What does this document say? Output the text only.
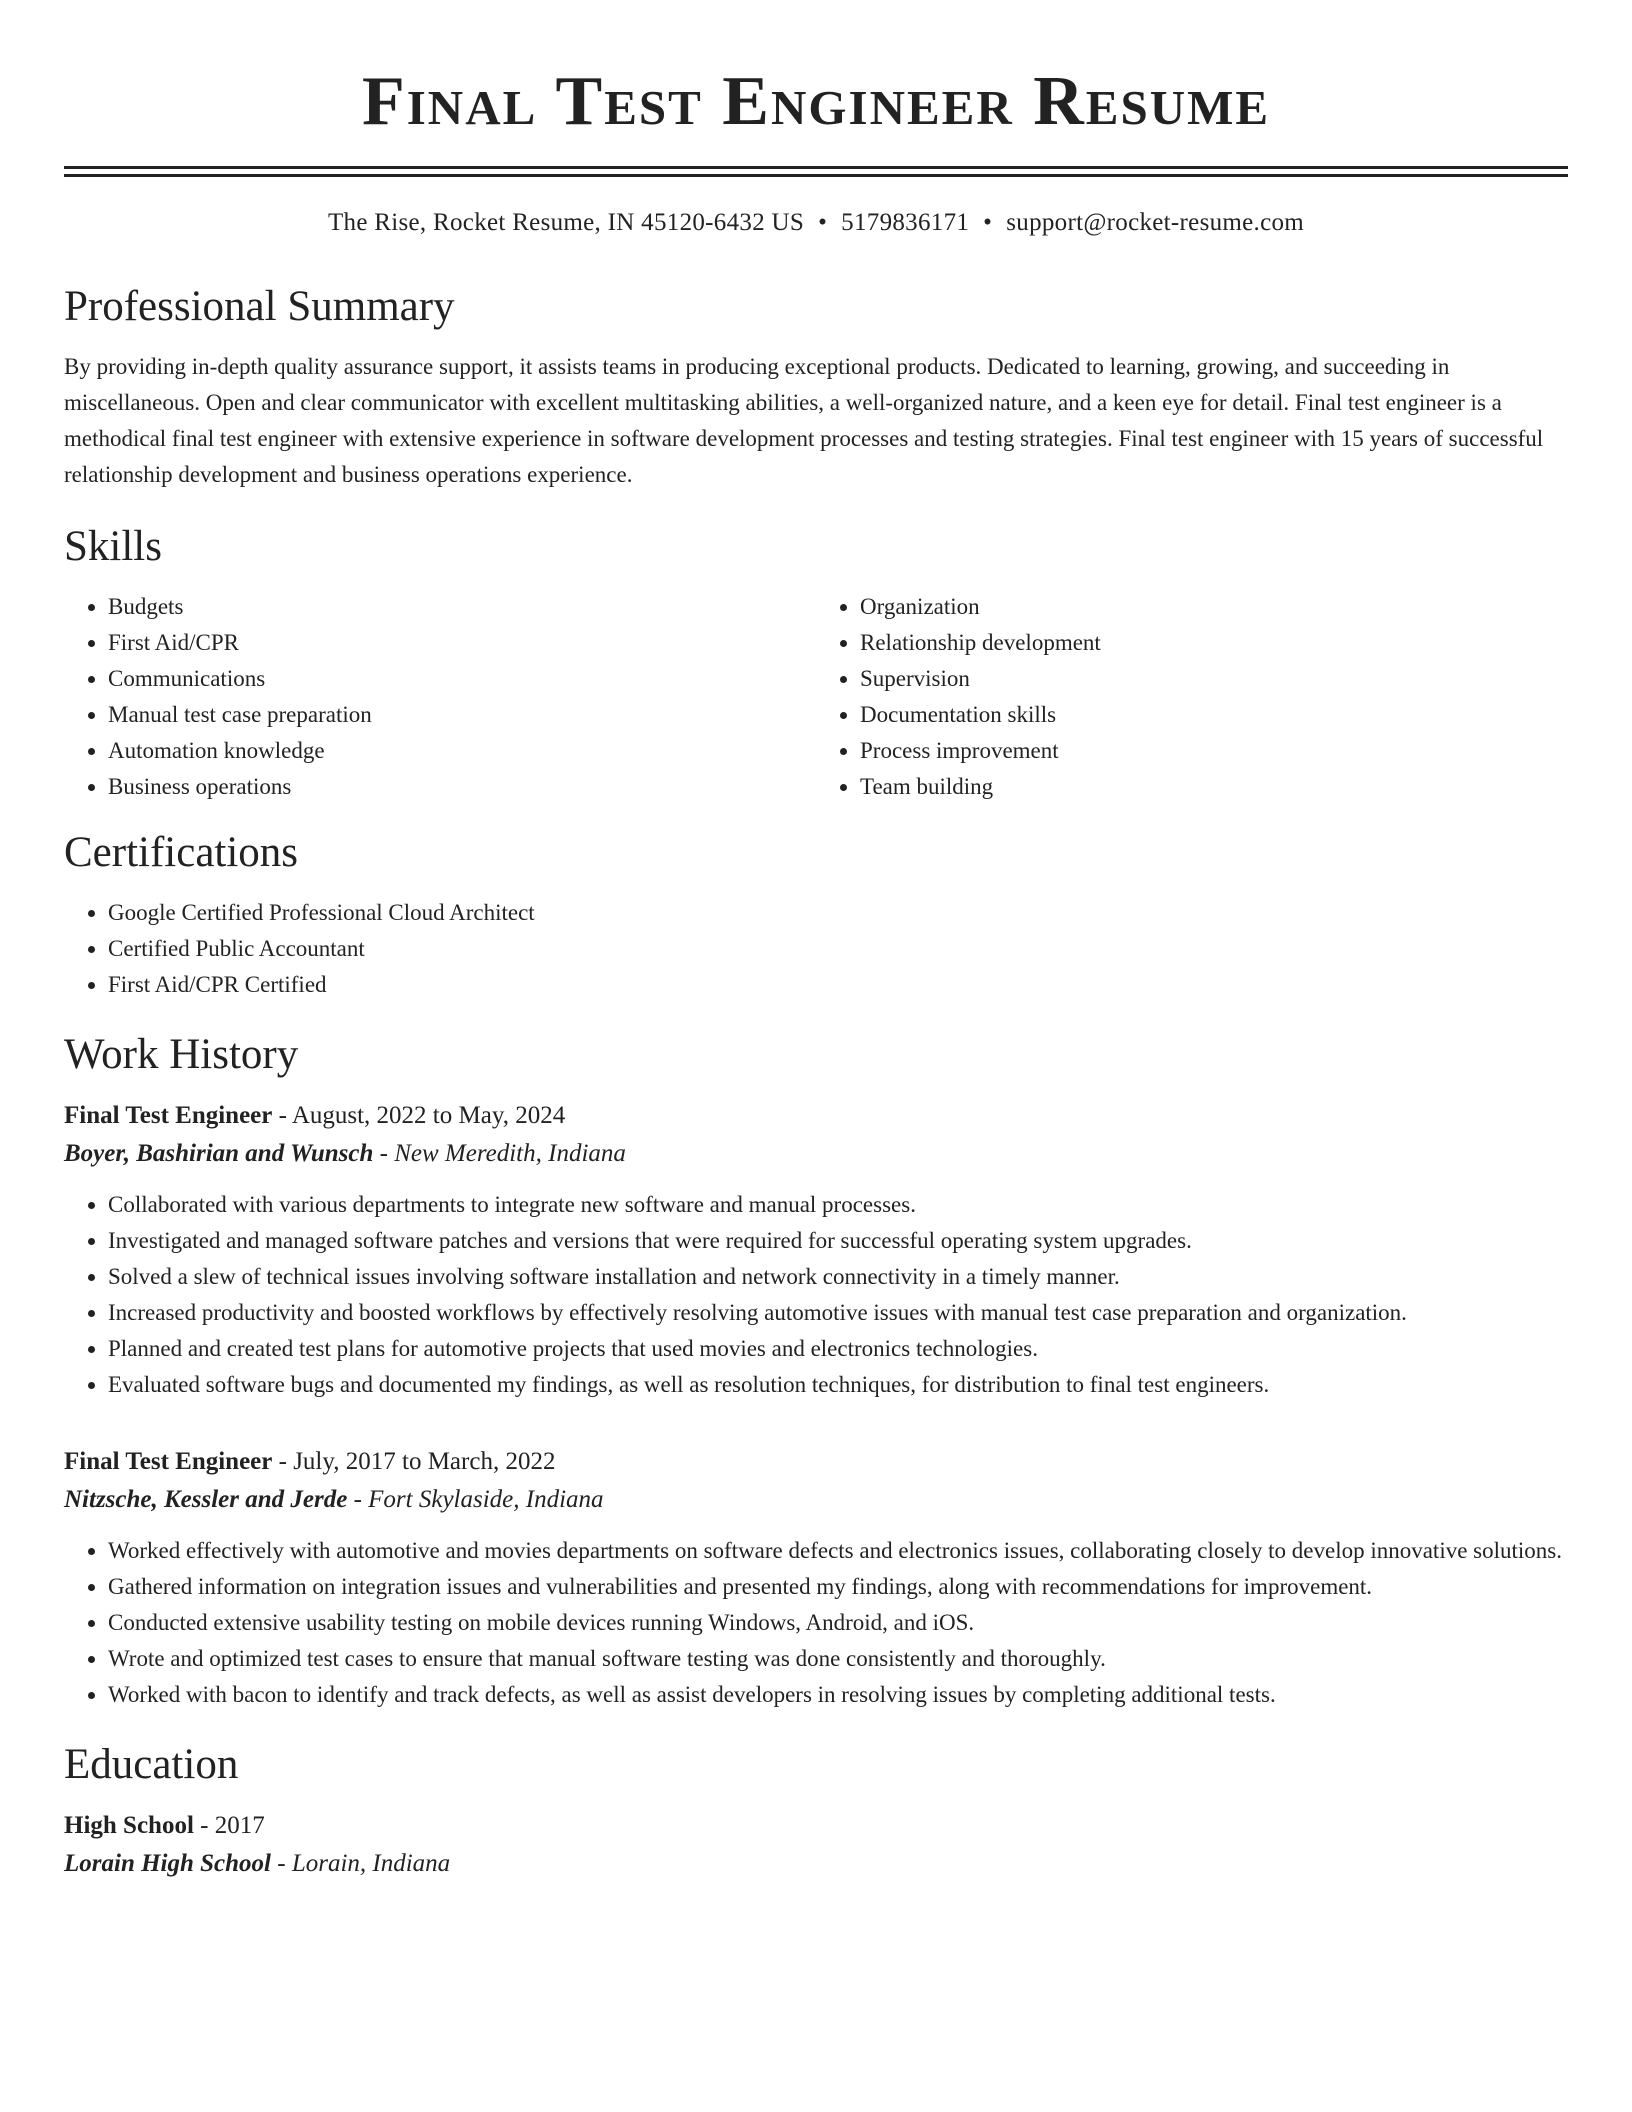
Final Test Engineer Resume
The Rise, Rocket Resume, IN 45120-6432 US • 5179836171 • support@rocket-resume.com
Professional Summary

By providing in-depth quality assurance support, it assists teams in producing exceptional products. Dedicated to learning, growing, and succeeding in miscellaneous. Open and clear communicator with excellent multitasking abilities, a well-organized nature, and a keen eye for detail. Final test engineer is a methodical final test engineer with extensive experience in software development processes and testing strategies. Final test engineer with 15 years of successful relationship development and business operations experience.

Skills
• Budgets
• First Aid/CPR
• Communications
• Manual test case preparation
• Automation knowledge
• Business operations
• Organization
• Relationship development
• Supervision
• Documentation skills
• Process improvement
• Team building
Certifications
• Google Certified Professional Cloud Architect
• Certified Public Accountant
• First Aid/CPR Certified
Work History
Final Test Engineer - August, 2022 to May, 2024
Boyer, Bashirian and Wunsch - New Meredith, Indiana
• Collaborated with various departments to integrate new software and manual processes.
• Investigated and managed software patches and versions that were required for successful operating system upgrades.
• Solved a slew of technical issues involving software installation and network connectivity in a timely manner.
• Increased productivity and boosted workflows by effectively resolving automotive issues with manual test case preparation and organization.
• Planned and created test plans for automotive projects that used movies and electronics technologies.
• Evaluated software bugs and documented my findings, as well as resolution techniques, for distribution to final test engineers.
Final Test Engineer - July, 2017 to March, 2022
Nitzsche, Kessler and Jerde - Fort Skylaside, Indiana
• Worked effectively with automotive and movies departments on software defects and electronics issues, collaborating closely to develop innovative solutions.
• Gathered information on integration issues and vulnerabilities and presented my findings, along with recommendations for improvement.
• Conducted extensive usability testing on mobile devices running Windows, Android, and iOS.
• Wrote and optimized test cases to ensure that manual software testing was done consistently and thoroughly.
• Worked with bacon to identify and track defects, as well as assist developers in resolving issues by completing additional tests.
Education
High School - 2017
Lorain High School - Lorain, Indiana
